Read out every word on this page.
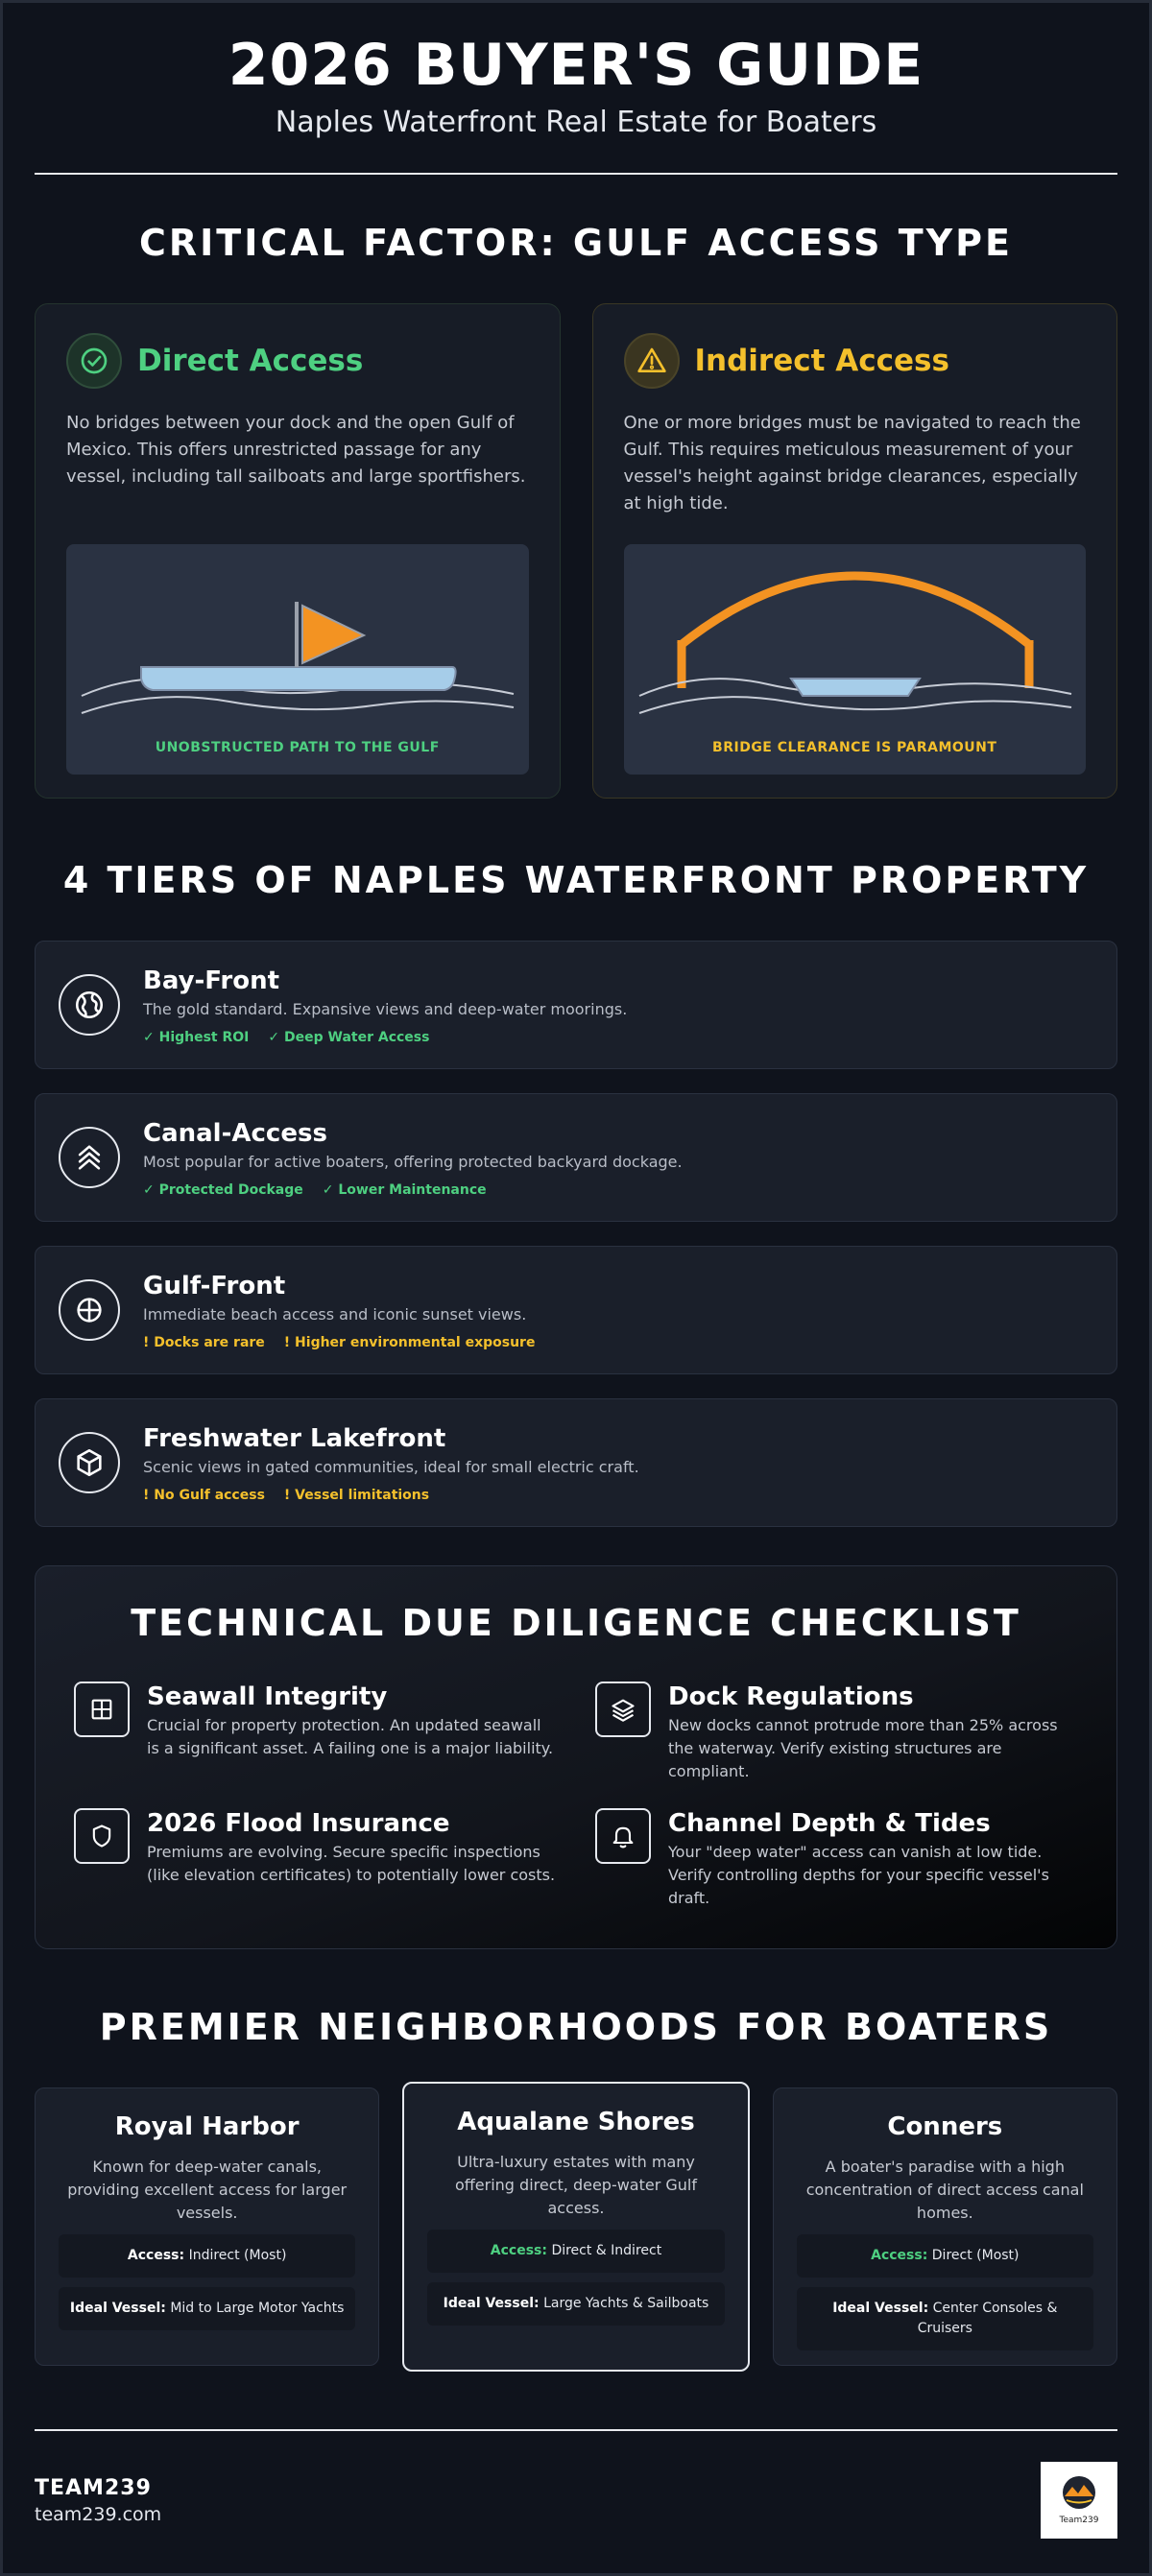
2026 BUYER'S GUIDE
Naples Waterfront Real Estate for Boaters
CRITICAL FACTOR: GULF ACCESS TYPE
Direct Access
No bridges between your dock and the open Gulf of Mexico. This offers unrestricted passage for any vessel, including tall sailboats and large sportfishers.
UNOBSTRUCTED PATH TO THE GULF
Indirect Access
One or more bridges must be navigated to reach the Gulf. This requires meticulous measurement of your vessel's height against bridge clearances, especially at high tide.
BRIDGE CLEARANCE IS PARAMOUNT
4 TIERS OF NAPLES WATERFRONT PROPERTY
Bay-Front
The gold standard. Expansive views and deep-water moorings.
✓ Highest ROI ✓ Deep Water Access
Canal-Access
Most popular for active boaters, offering protected backyard dockage.
✓ Protected Dockage ✓ Lower Maintenance
Gulf-Front
Immediate beach access and iconic sunset views.
! Docks are rare ! Higher environmental exposure
Freshwater Lakefront
Scenic views in gated communities, ideal for small electric craft.
! No Gulf access ! Vessel limitations
TECHNICAL DUE DILIGENCE CHECKLIST
Seawall Integrity
Crucial for property protection. An updated seawall is a significant asset. A failing one is a major liability.
Dock Regulations
New docks cannot protrude more than 25% across the waterway. Verify existing structures are compliant.
2026 Flood Insurance
Premiums are evolving. Secure specific inspections (like elevation certificates) to potentially lower costs.
Channel Depth & Tides
Your "deep water" access can vanish at low tide. Verify controlling depths for your specific vessel's draft.
PREMIER NEIGHBORHOODS FOR BOATERS
Royal Harbor
Known for deep-water canals, providing excellent access for larger vessels.
Access: Indirect (Most)
Ideal Vessel: Mid to Large Motor Yachts
Aqualane Shores
Ultra-luxury estates with many offering direct, deep-water Gulf access.
Access: Direct & Indirect
Ideal Vessel: Large Yachts & Sailboats
Conners
A boater's paradise with a high concentration of direct access canal homes.
Access: Direct (Most)
Ideal Vessel: Center Consoles & Cruisers
TEAM239
team239.com	Team239
